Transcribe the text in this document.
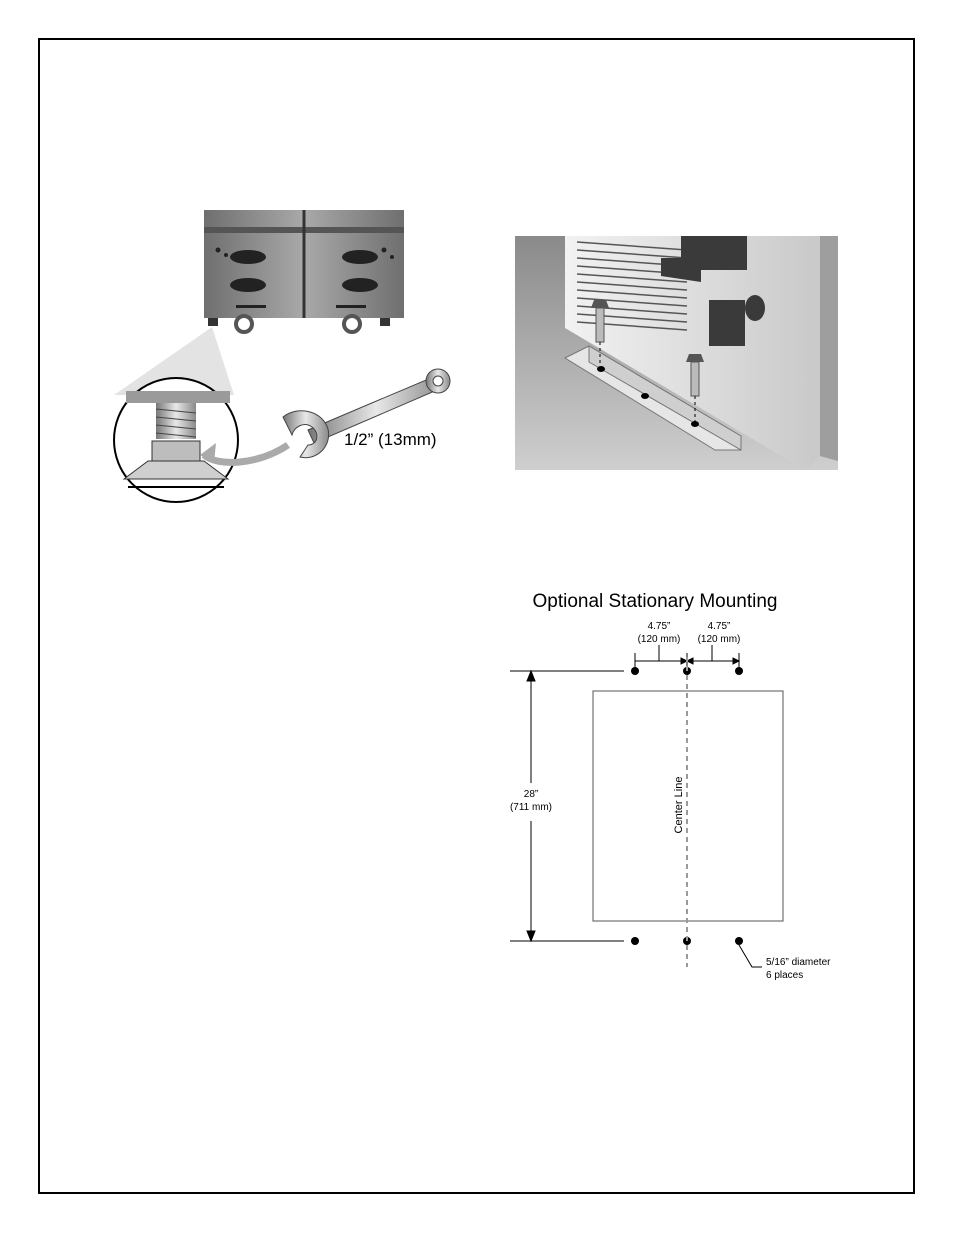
1/2” (13mm)
Optional Stationary Mounting
4.75”
(120 mm)
4.75”
(120 mm)
Center Line
28”
(711 mm)
5/16” diameter
6 places
